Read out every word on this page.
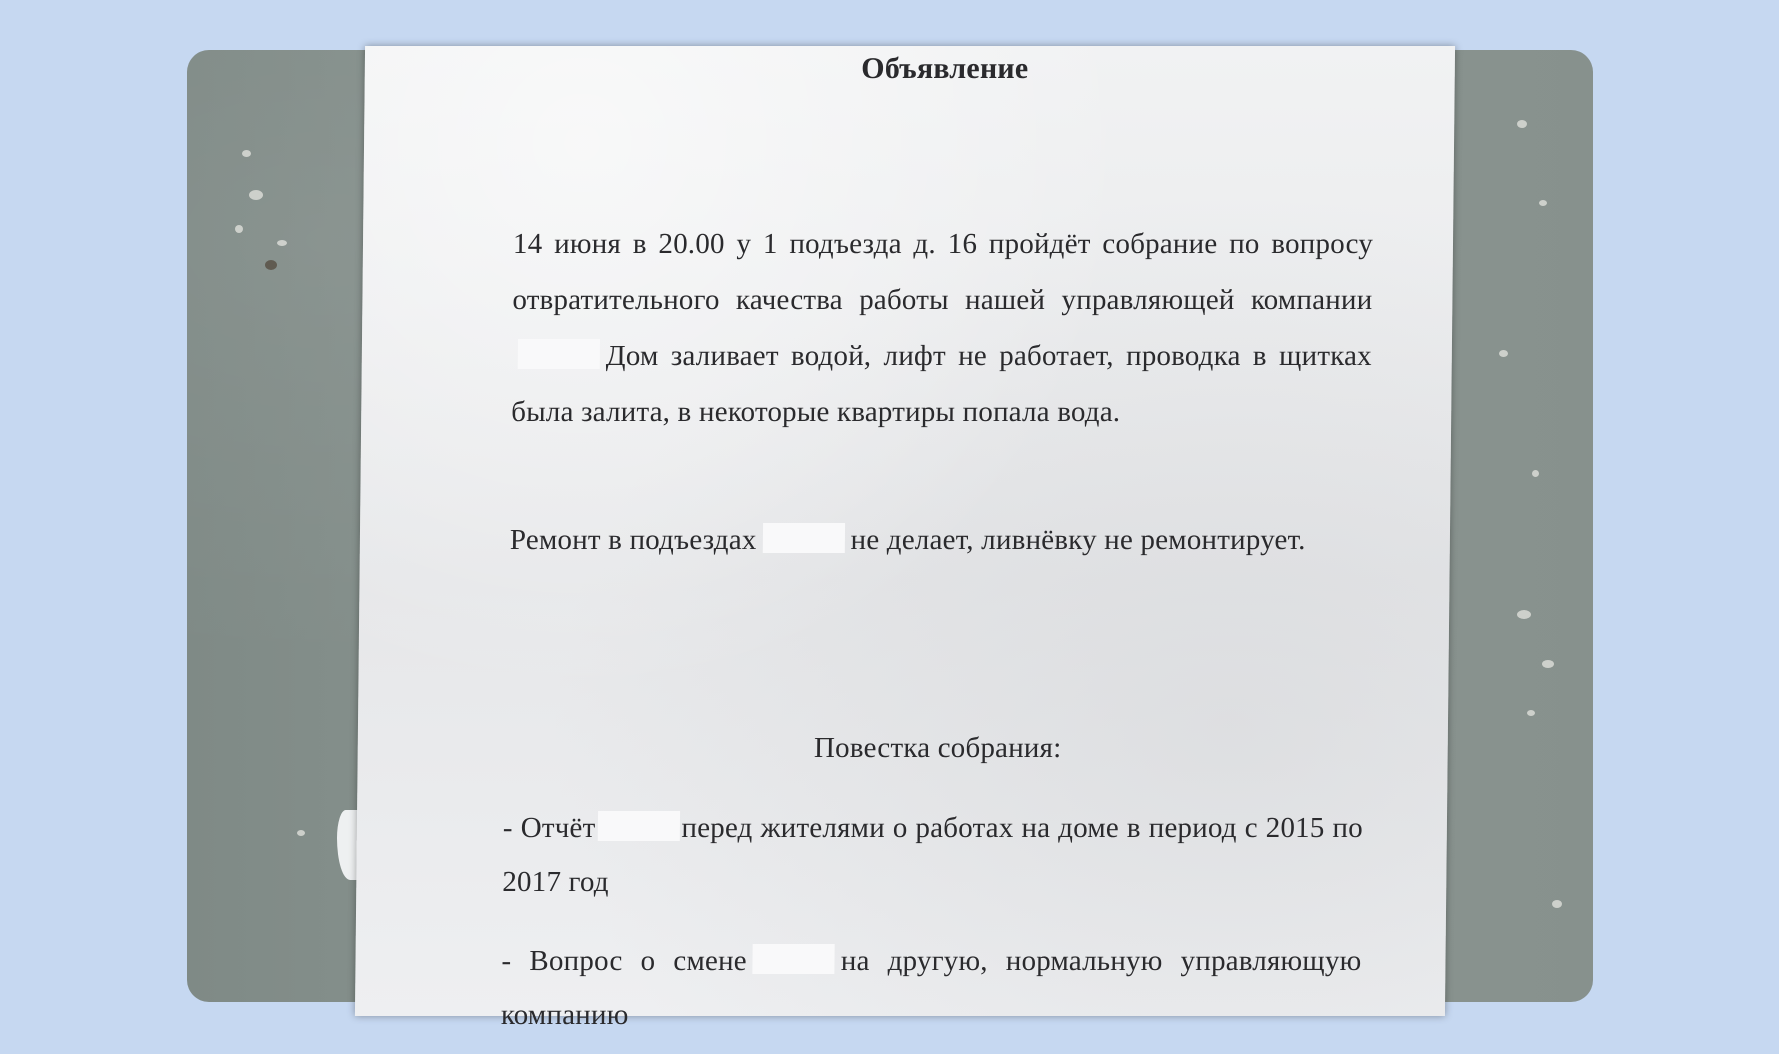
Объявление
14 июня в 20.00 у 1 подъезда д. 16 пройдёт собрание по вопросу отвратительного качества работы нашей управляющей компанииДом заливает водой, лифт не работает, проводка в щитках была залита, в некоторые квартиры попала вода.
Ремонт в подъездах	не делает, ливнёвку не ремонтирует.
Повестка собрания:
- Отчёт	перед жителями о работах на доме в период с 2015 по 2017 год
- Вопрос о смене	на другую, нормальную управляющую компанию
